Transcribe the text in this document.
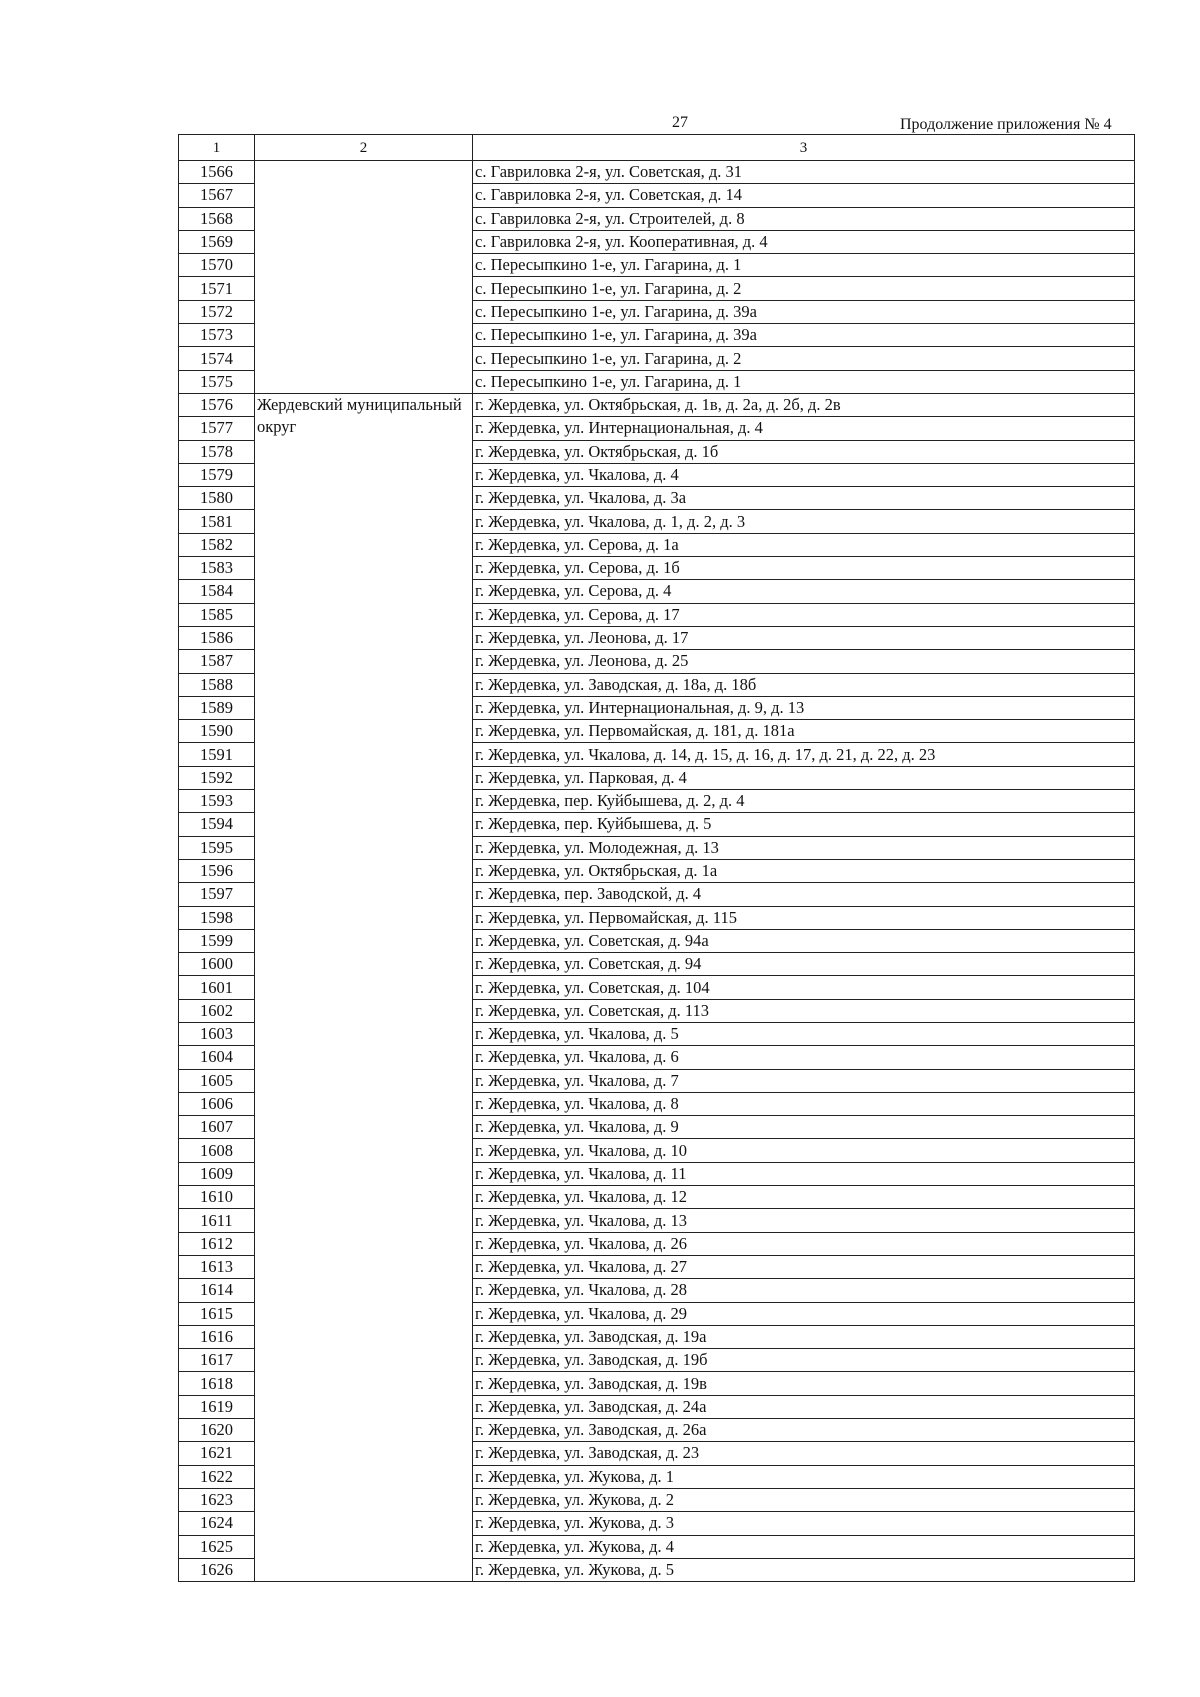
27	Продолжение приложения № 4
1	2	3
1566		с. Гавриловка 2-я, ул. Советская, д. 31
1567		с. Гавриловка 2-я, ул. Советская, д. 14
1568		с. Гавриловка 2-я, ул. Строителей, д. 8
1569		с. Гавриловка 2-я, ул. Кооперативная, д. 4
1570		с. Пересыпкино 1-е, ул. Гагарина, д. 1
1571		с. Пересыпкино 1-е, ул. Гагарина, д. 2
1572		с. Пересыпкино 1-е, ул. Гагарина, д. 39а
1573		с. Пересыпкино 1-е, ул. Гагарина, д. 39а
1574		с. Пересыпкино 1-е, ул. Гагарина, д. 2
1575		с. Пересыпкино 1-е, ул. Гагарина, д. 1
1576	Жердевский муниципальный округ	г. Жердевка, ул. Октябрьская, д. 1в, д. 2а, д. 2б, д. 2в
1577		г. Жердевка, ул. Интернациональная, д. 4
1578		г. Жердевка, ул. Октябрьская, д. 1б
1579		г. Жердевка, ул. Чкалова, д. 4
1580		г. Жердевка, ул. Чкалова, д. 3а
1581		г. Жердевка, ул. Чкалова, д. 1, д. 2, д. 3
1582		г. Жердевка, ул. Серова, д. 1а
1583		г. Жердевка, ул. Серова, д. 1б
1584		г. Жердевка, ул. Серова, д. 4
1585		г. Жердевка, ул. Серова, д. 17
1586		г. Жердевка, ул. Леонова, д. 17
1587		г. Жердевка, ул. Леонова, д. 25
1588		г. Жердевка, ул. Заводская, д. 18а, д. 18б
1589		г. Жердевка, ул. Интернациональная, д. 9, д. 13
1590		г. Жердевка, ул. Первомайская, д. 181, д. 181а
1591		г. Жердевка, ул. Чкалова, д. 14, д. 15, д. 16, д. 17, д. 21, д. 22, д. 23
1592		г. Жердевка, ул. Парковая, д. 4
1593		г. Жердевка, пер. Куйбышева, д. 2, д. 4
1594		г. Жердевка, пер. Куйбышева, д. 5
1595		г. Жердевка, ул. Молодежная, д. 13
1596		г. Жердевка, ул. Октябрьская, д. 1а
1597		г. Жердевка, пер. Заводской, д. 4
1598		г. Жердевка, ул. Первомайская, д. 115
1599		г. Жердевка, ул. Советская, д. 94а
1600		г. Жердевка, ул. Советская, д. 94
1601		г. Жердевка, ул. Советская, д. 104
1602		г. Жердевка, ул. Советская, д. 113
1603		г. Жердевка, ул. Чкалова, д. 5
1604		г. Жердевка, ул. Чкалова, д. 6
1605		г. Жердевка, ул. Чкалова, д. 7
1606		г. Жердевка, ул. Чкалова, д. 8
1607		г. Жердевка, ул. Чкалова, д. 9
1608		г. Жердевка, ул. Чкалова, д. 10
1609		г. Жердевка, ул. Чкалова, д. 11
1610		г. Жердевка, ул. Чкалова, д. 12
1611		г. Жердевка, ул. Чкалова, д. 13
1612		г. Жердевка, ул. Чкалова, д. 26
1613		г. Жердевка, ул. Чкалова, д. 27
1614		г. Жердевка, ул. Чкалова, д. 28
1615		г. Жердевка, ул. Чкалова, д. 29
1616		г. Жердевка, ул. Заводская, д. 19а
1617		г. Жердевка, ул. Заводская, д. 19б
1618		г. Жердевка, ул. Заводская, д. 19в
1619		г. Жердевка, ул. Заводская, д. 24а
1620		г. Жердевка, ул. Заводская, д. 26а
1621		г. Жердевка, ул. Заводская, д. 23
1622		г. Жердевка, ул. Жукова, д. 1
1623		г. Жердевка, ул. Жукова, д. 2
1624		г. Жердевка, ул. Жукова, д. 3
1625		г. Жердевка, ул. Жукова, д. 4
1626		г. Жердевка, ул. Жукова, д. 5
